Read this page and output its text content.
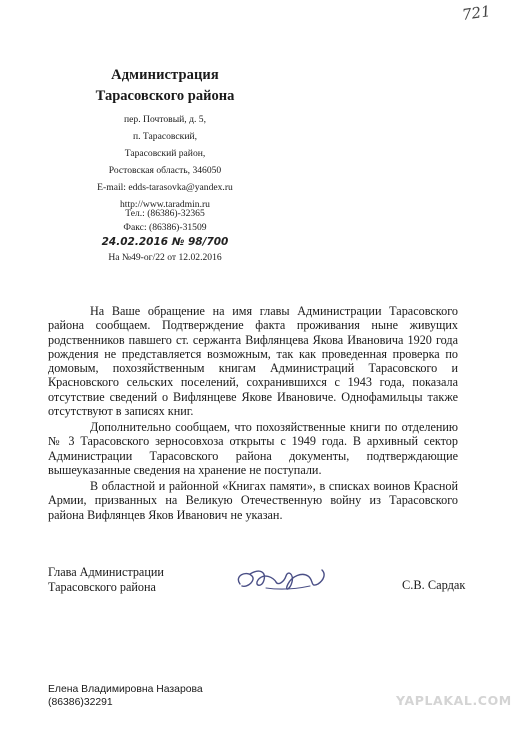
721
Администрация
Тарасовского района
пер. Почтовый, д. 5,
п. Тарасовский,
Тарасовский район,
Ростовская область, 346050
E-mail: edds-tarasovka@yandex.ru
http://www.taradmin.ru
Тел.: (86386)-32365
Факс: (86386)-31509
24.02.2016 № 98/700
На №49-ог/22 от 12.02.2016

На Ваше обращение на имя главы Администрации Тарасовского района сообщаем. Подтверждение факта проживания ныне живущих родственников павшего ст. сержанта Вифлянцева Якова Ивановича 1920 года рождения не представляется возможным, так как проведенная проверка по домовым, похозяйственным книгам Администраций Тарасовского и Красновского сельских поселений, сохранившихся с 1943 года, показала отсутствие сведений о Вифлянцеве Якове Ивановиче. Однофамильцы также отсутствуют в записях книг.

Дополнительно сообщаем, что похозяйственные книги по отделению № 3 Тарасовского зерносовхоза открыты с 1949 года. В архивный сектор Администрации Тарасовского района документы, подтверждающие вышеуказанные сведения на хранение не поступали.

В областной и районной «Книгах памяти», в списках воинов Красной Армии, призванных на Великую Отечественную войну из Тарасовского района Вифлянцев Яков Иванович не указан.

Глава Администрации
Тарасовского района	С.В. Сардак
Елена Владимировна Назарова
(86386)32291	YAPLAKAL.COM
